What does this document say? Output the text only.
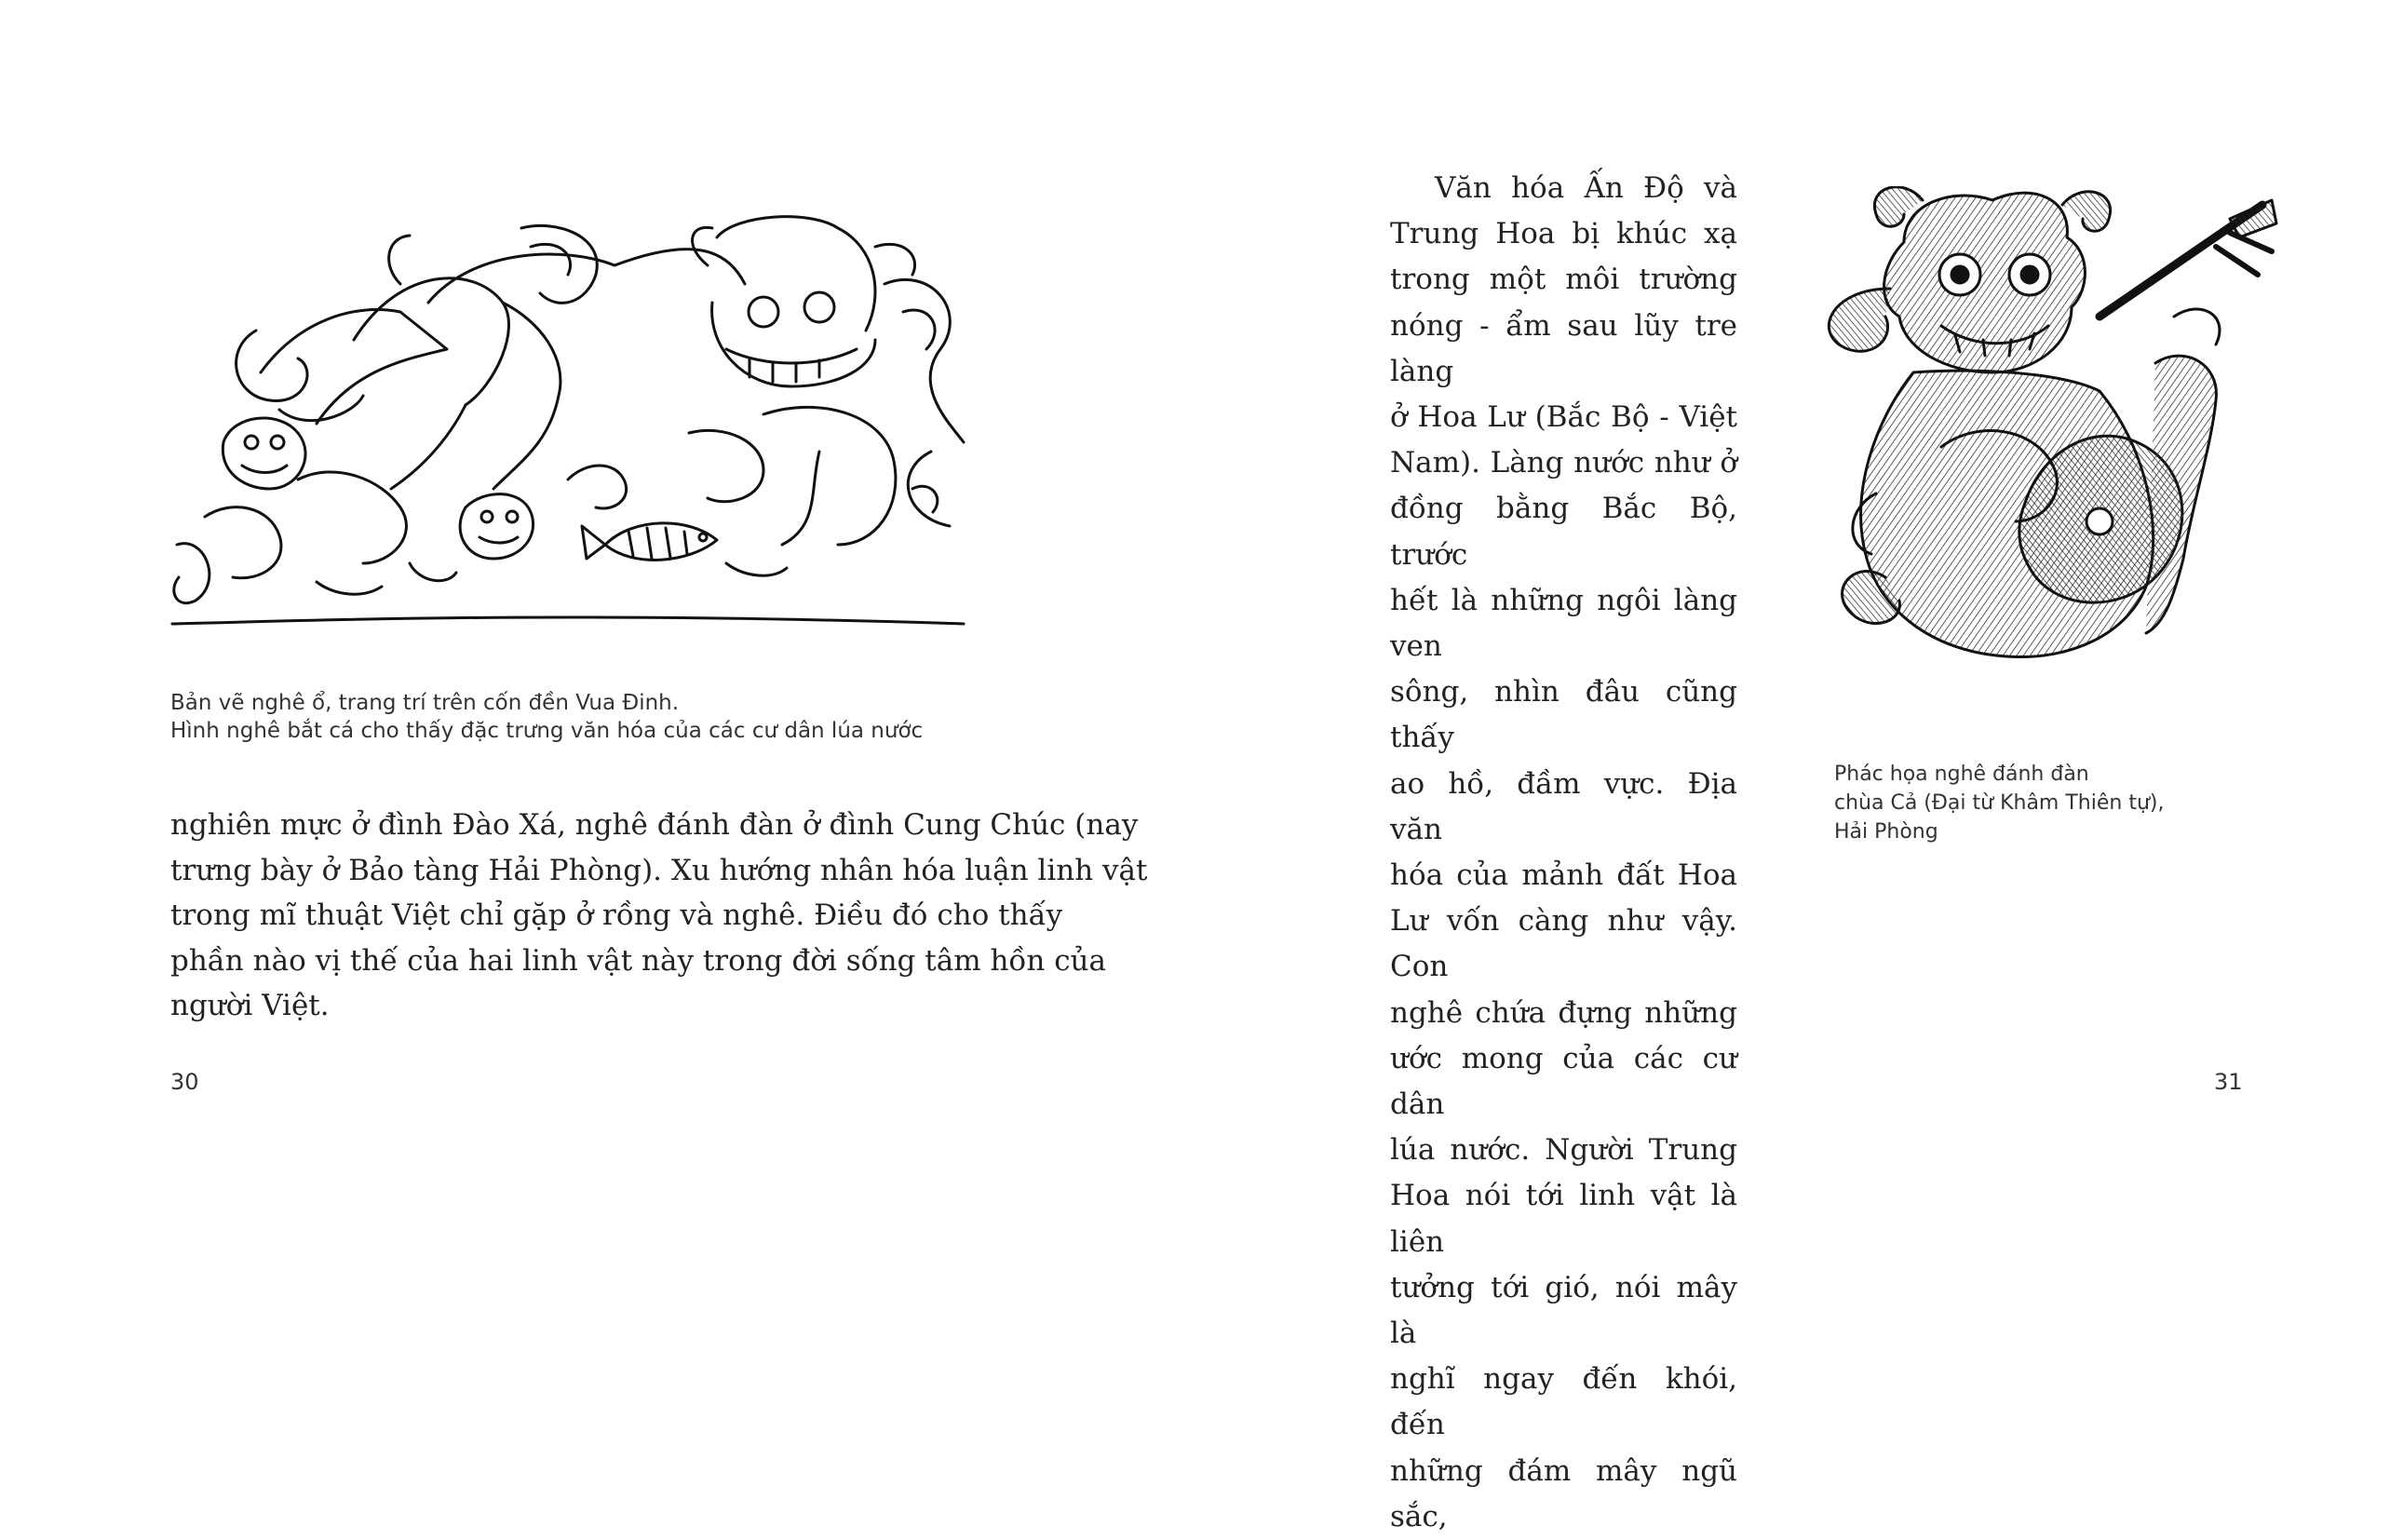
Bản vẽ nghê ổ, trang trí trên cốn đền Vua Đinh.
Hình nghê bắt cá cho thấy đặc trưng văn hóa của các cư dân lúa nước
nghiên mực ở đình Đào Xá, nghê đánh đàn ở đình Cung Chúc (nay
trưng bày ở Bảo tàng Hải Phòng). Xu hướng nhân hóa luận linh vật
trong mĩ thuật Việt chỉ gặp ở rồng và nghê. Điều đó cho thấy
phần nào vị thế của hai linh vật này trong đời sống tâm hồn của
người Việt.
30
Văn hóa Ấn Độ và
Trung Hoa bị khúc xạ
trong một môi trường
nóng - ẩm sau lũy tre làng
ở Hoa Lư (Bắc Bộ - Việt
Nam). Làng nước như ở
đồng bằng Bắc Bộ, trước
hết là những ngôi làng ven
sông, nhìn đâu cũng thấy
ao hồ, đầm vực. Địa văn
hóa của mảnh đất Hoa
Lư vốn càng như vậy. Con
nghê chứa đựng những
ước mong của các cư dân
lúa nước. Người Trung
Hoa nói tới linh vật là liên
tưởng tới gió, nói mây là
nghĩ ngay đến khói, đến
những đám mây ngũ sắc,
Phác họa nghê đánh đàn
chùa Cả (Đại từ Khâm Thiên tự),
Hải Phòng
31
